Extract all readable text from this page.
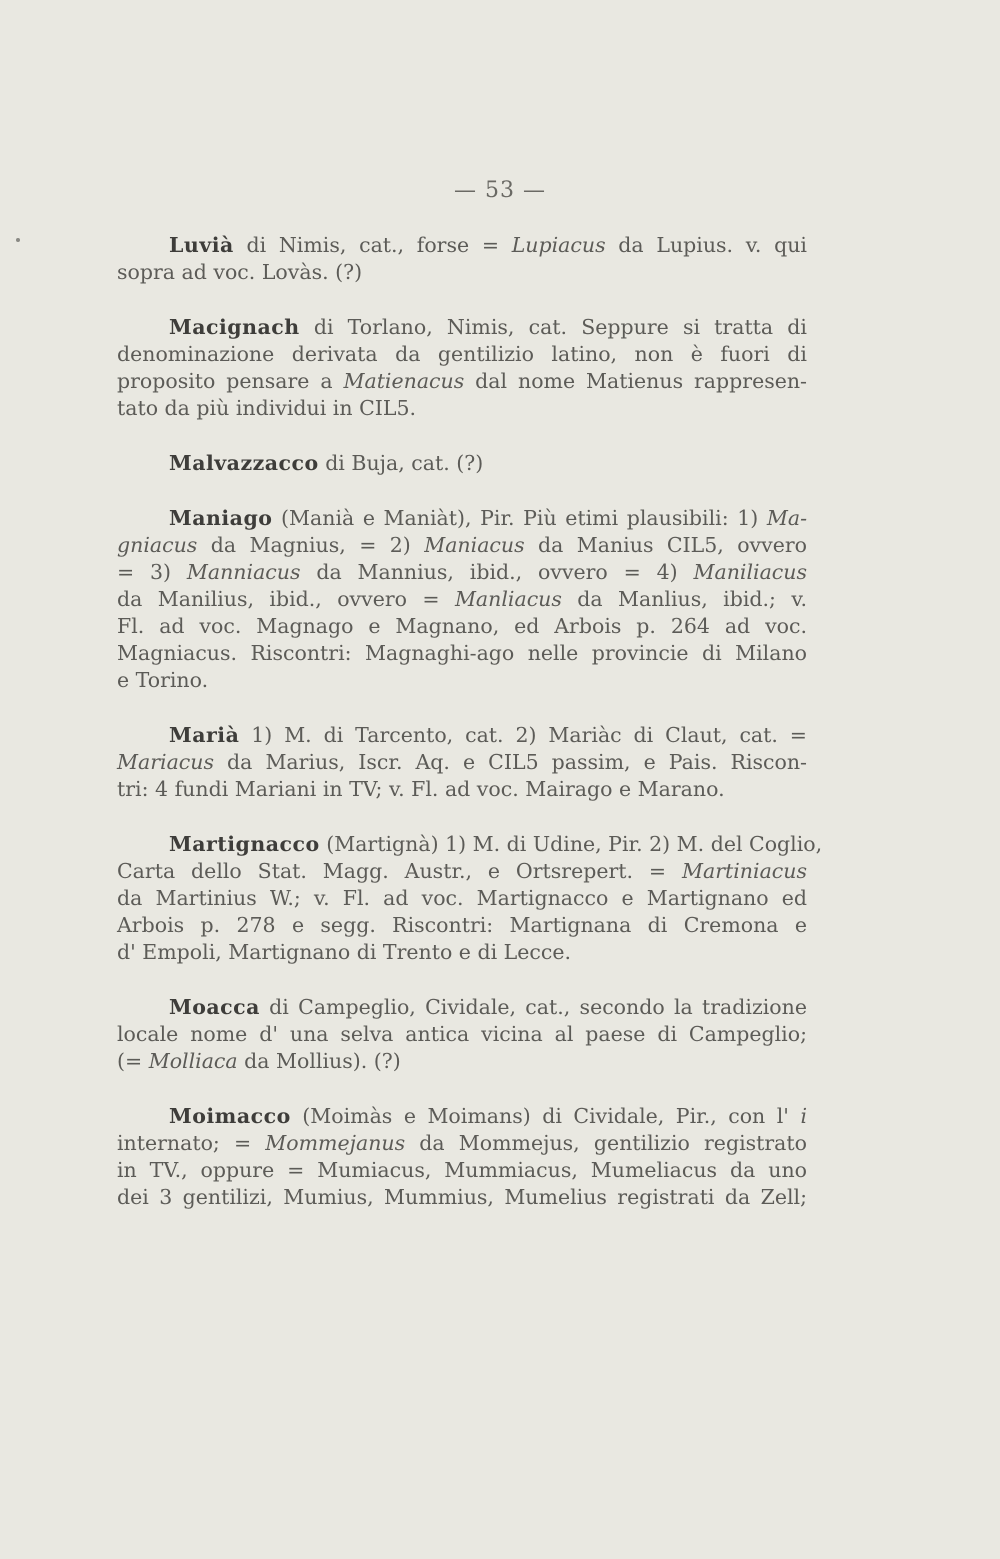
— 53 —
Luvià di Nimis, cat., forse = Lupiacus da Lupius. v. qui
sopra ad voc. Lovàs. (?)
Macignach di Torlano, Nimis, cat. Seppure si tratta di
denominazione derivata da gentilizio latino, non è fuori di
proposito pensare a Matienacus dal nome Matienus rappresen-
tato da più individui in CIL5.
Malvazzacco di Buja, cat. (?)
Maniago (Manià e Maniàt), Pir. Più etimi plausibili: 1) Ma-
gniacus da Magnius, = 2) Maniacus da Manius CIL5, ovvero
= 3) Manniacus da Mannius, ibid., ovvero = 4) Maniliacus
da Manilius, ibid., ovvero = Manliacus da Manlius, ibid.; v.
Fl. ad voc. Magnago e Magnano, ed Arbois p. 264 ad voc.
Magniacus. Riscontri: Magnaghi-ago nelle provincie di Milano
e Torino.
Marià 1) M. di Tarcento, cat. 2) Mariàc di Claut, cat. =
Mariacus da Marius, Iscr. Aq. e CIL5 passim, e Pais. Riscon-
tri: 4 fundi Mariani in TV; v. Fl. ad voc. Mairago e Marano.
Martignacco (Martignà) 1) M. di Udine, Pir. 2) M. del Coglio,
Carta dello Stat. Magg. Austr., e Ortsrepert. = Martiniacus
da Martinius W.; v. Fl. ad voc. Martignacco e Martignano ed
Arbois p. 278 e segg. Riscontri: Martignana di Cremona e
d' Empoli, Martignano di Trento e di Lecce.
Moacca di Campeglio, Cividale, cat., secondo la tradizione
locale nome d' una selva antica vicina al paese di Campeglio;
(= Molliaca da Mollius). (?)
Moimacco (Moimàs e Moimans) di Cividale, Pir., con l' i
internato; = Mommejanus da Mommejus, gentilizio registrato
in TV., oppure = Mumiacus, Mummiacus, Mumeliacus da uno
dei 3 gentilizi, Mumius, Mummius, Mumelius registrati da Zell;
